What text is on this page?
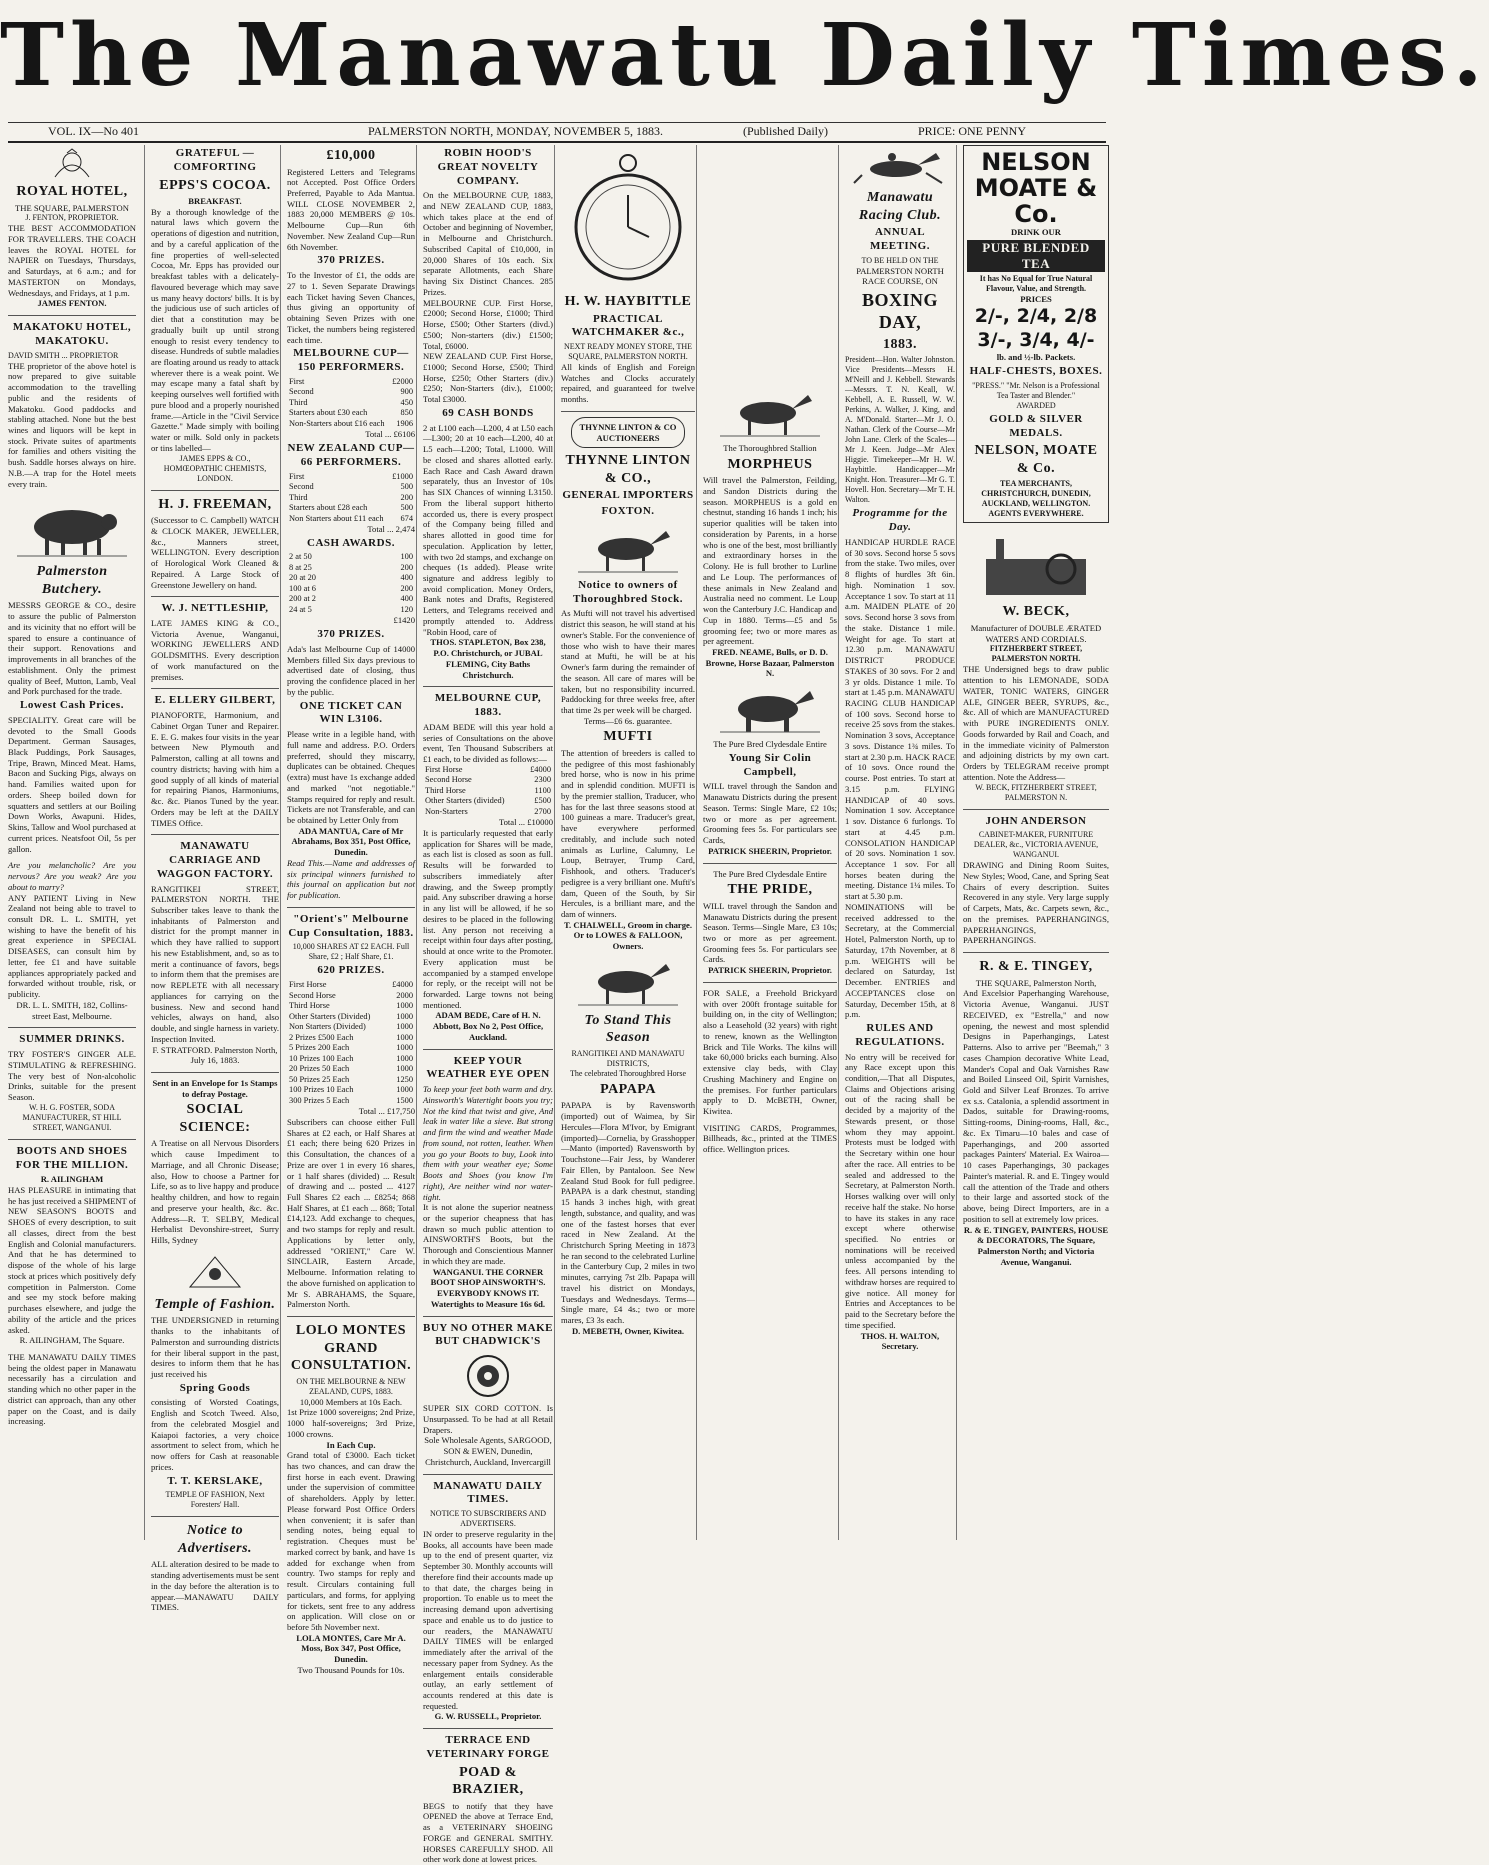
The Manawatu Daily Times.
VOL. IX—No 401	PALMERSTON NORTH, MONDAY, NOVEMBER 5, 1883.	(Published Daily)	PRICE: ONE PENNY
ROYAL HOTEL,
THE SQUARE, PALMERSTON
J. FENTON, PROPRIETOR.
THE BEST ACCOMMODATION FOR TRAVELLERS. THE COACH leaves the ROYAL HOTEL for NAPIER on Tuesdays, Thursdays, and Saturdays, at 6 a.m.; and for MASTERTON on Mondays, Wednesdays, and Fridays, at 1 p.m.
JAMES FENTON.
MAKATOKU HOTEL, MAKATOKU.
DAVID SMITH ... PROPRIETOR
THE proprietor of the above hotel is now prepared to give suitable accommodation to the travelling public and the residents of Makatoku. Good paddocks and stabling attached. None but the best wines and liquors will be kept in stock. Private suites of apartments for families and others visiting the bush. Saddle horses always on hire. N.B.—A trap for the Hotel meets every train.
Palmerston Butchery.
MESSRS GEORGE & CO., desire to assure the public of Palmerston and its vicinity that no effort will be spared to ensure a continuance of their support. Renovations and improvements in all branches of the establishment. Only the primest quality of Beef, Mutton, Lamb, Veal and Pork purchased for the trade.
Lowest Cash Prices.
SPECIALITY. Great care will be devoted to the Small Goods Department. German Sausages, Black Puddings, Pork Sausages, Tripe, Brawn, Minced Meat. Hams, Bacon and Sucking Pigs, always on hand. Families waited upon for orders. Sheep boiled down for squatters and settlers at our Boiling Down Works, Awapuni. Hides, Skins, Tallow and Wool purchased at current prices. Neatsfoot Oil, 5s per gallon.
Are you melancholic? Are you nervous? Are you weak? Are you about to marry?
ANY PATIENT Living in New Zealand not being able to travel to consult DR. L. L. SMITH, yet wishing to have the benefit of his great experience in SPECIAL DISEASES, can consult him by letter, fee £1 and have suitable appliances appropriately packed and forwarded without trouble, risk, or publicity.
DR. L. L. SMITH, 182, Collins-street East, Melbourne.
SUMMER DRINKS.
TRY FOSTER'S GINGER ALE. STIMULATING & REFRESHING. The very best of Non-alcoholic Drinks, suitable for the present Season.
W. H. G. FOSTER, SODA MANUFACTURER, ST HILL STREET, WANGANUI.
BOOTS AND SHOES FOR THE MILLION.
R. AILINGHAM
HAS PLEASURE in intimating that he has just received a SHIPMENT of NEW SEASON'S BOOTS and SHOES of every description, to suit all classes, direct from the best English and Colonial manufacturers. And that he has determined to dispose of the whole of his large stock at prices which positively defy competition in Palmerston. Come and see my stock before making purchases elsewhere, and judge the ability of the article and the prices asked.
R. AILINGHAM, The Square.
THE MANAWATU DAILY TIMES being the oldest paper in Manawatu necessarily has a circulation and standing which no other paper in the district can approach, than any other paper on the Coast, and is daily increasing.
GRATEFUL — COMFORTING
EPPS'S COCOA.
BREAKFAST.
By a thorough knowledge of the natural laws which govern the operations of digestion and nutrition, and by a careful application of the fine properties of well-selected Cocoa, Mr. Epps has provided our breakfast tables with a delicately-flavoured beverage which may save us many heavy doctors' bills. It is by the judicious use of such articles of diet that a constitution may be gradually built up until strong enough to resist every tendency to disease. Hundreds of subtle maladies are floating around us ready to attack wherever there is a weak point. We may escape many a fatal shaft by keeping ourselves well fortified with pure blood and a properly nourished frame.—Article in the "Civil Service Gazette." Made simply with boiling water or milk. Sold only in packets or tins labelled—
JAMES EPPS & CO., HOMŒOPATHIC CHEMISTS, LONDON.
H. J. FREEMAN,
(Successor to C. Campbell) WATCH & CLOCK MAKER, JEWELLER, &c., Manners street, WELLINGTON. Every description of Horological Work Cleaned & Repaired. A Large Stock of Greenstone Jewellery on hand.
W. J. NETTLESHIP,
LATE JAMES KING & CO., Victoria Avenue, Wanganui, WORKING JEWELLERS AND GOLDSMITHS. Every description of work manufactured on the premises.
E. ELLERY GILBERT,
PIANOFORTE, Harmonium, and Cabinet Organ Tuner and Repairer. E. E. G. makes four visits in the year between New Plymouth and Palmerston, calling at all towns and country districts; having with him a good supply of all kinds of material for repairing Pianos, Harmoniums, &c. &c. Pianos Tuned by the year. Orders may be left at the DAILY TIMES Office.
MANAWATU CARRIAGE AND WAGGON FACTORY.
RANGITIKEI STREET, PALMERSTON NORTH. THE Subscriber takes leave to thank the inhabitants of Palmerston and district for the prompt manner in which they have rallied to support his new Establishment, and, so as to merit a continuance of favors, begs to inform them that the premises are now REPLETE with all necessary appliances for carrying on the business. New and second hand vehicles, always on hand, also double, and single harness in variety. Inspection Invited.
F. STRATFORD. Palmerston North, July 16, 1883.
Sent in an Envelope for 1s Stamps to defray Postage.
SOCIAL SCIENCE:
A Treatise on all Nervous Disorders which cause Impediment to Marriage, and all Chronic Disease; also, How to choose a Partner for Life, so as to live happy and produce healthy children, and how to regain and preserve your health, &c. &c. Address—R. T. SELBY, Medical Herbalist Devonshire-street, Surry Hills, Sydney
Temple of Fashion.
THE UNDERSIGNED in returning thanks to the inhabitants of Palmerston and surrounding districts for their liberal support in the past, desires to inform them that he has just received his
Spring Goods
consisting of Worsted Coatings, English and Scotch Tweed. Also, from the celebrated Mosgiel and Kaiapoi factories, a very choice assortment to select from, which he now offers for Cash at reasonable prices.
T. T. KERSLAKE,
TEMPLE OF FASHION, Next Foresters' Hall.
Notice to Advertisers.
ALL alteration desired to be made to standing advertisements must be sent in the day before the alteration is to appear.—MANAWATU DAILY TIMES.
£10,000
Registered Letters and Telegrams not Accepted. Post Office Orders Preferred, Payable to Ada Mantua. WILL CLOSE NOVEMBER 2, 1883 20,000 MEMBERS @ 10s. Melbourne Cup—Run 6th November. New Zealand Cup—Run 6th November.
370 PRIZES.
To the Investor of £1, the odds are 27 to 1. Seven Separate Drawings each Ticket having Seven Chances, thus giving an opportunity of obtaining Seven Prizes with one Ticket, the numbers being registered each time.
MELBOURNE CUP—150 PERFORMERS.
First	£2000
Second	900
Third	450
Starters about £30 each	850
Non-Starters about £16 each	1906
Total ... £6106
NEW ZEALAND CUP—66 PERFORMERS.
First	£1000
Second	500
Third	200
Starters about £28 each	500
Non Starters about £11 each	674
Total ... 2,474
CASH AWARDS.
2 at 50	100
8 at 25	200
20 at 20	400
100 at 6	200
200 at 2	400
24 at 5	120
£1420
370 PRIZES.
Ada's last Melbourne Cup of 14000 Members filled Six days previous to advertised date of closing, thus proving the confidence placed in her by the public.
ONE TICKET CAN WIN L3106.
Please write in a legible hand, with full name and address. P.O. Orders preferred, should they miscarry, duplicates can be obtained. Cheques (extra) must have 1s exchange added and marked "not negotiable." Stamps required for reply and result. Tickets are not Transferable, and can be obtained by Letter Only from
ADA MANTUA, Care of Mr Abrahams, Box 351, Post Office, Dunedin.
Read This.—Name and addresses of six principal winners furnished to this journal on application but not for publication.
"Orient's" Melbourne Cup Consultation, 1883.
10,000 SHARES AT £2 EACH. Full Share, £2 ; Half Share, £1.
620 PRIZES.
First Horse	£4000
Second Horse	2000
Third Horse	1000
Other Starters (Divided)	1000
Non Starters (Divided)	1000
2 Prizes £500 Each	1000
5 Prizes 200 Each	1000
10 Prizes 100 Each	1000
20 Prizes 50 Each	1000
50 Prizes 25 Each	1250
100 Prizes 10 Each	1000
300 Prizes 5 Each	1500
Total ... £17,750
Subscribers can choose either Full Shares at £2 each, or Half Shares at £1 each; there being 620 Prizes in this Consultation, the chances of a Prize are over 1 in every 16 shares, or 1 half shares (divided) ... Result of drawing and ... posted ... 4127 Full Shares £2 each ... £8254; 868 Half Shares, at £1 each ... 868; Total £14,123. Add exchange to cheques, and two stamps for reply and result. Applications by letter only, addressed "ORIENT," Care W. SINCLAIR, Eastern Arcade, Melbourne. Information relating to the above furnished on application to Mr S. ABRAHAMS, the Square, Palmerston North.
LOLO MONTES GRAND CONSULTATION.
ON THE MELBOURNE & NEW ZEALAND, CUPS, 1883.
10,000 Members at 10s Each.
1st Prize 1000 sovereigns; 2nd Prize, 1000 half-sovereigns; 3rd Prize, 1000 crowns.
In Each Cup.
Grand total of £3000. Each ticket has two chances, and can draw the first horse in each event. Drawing under the supervision of committee of shareholders. Apply by letter. Please forward Post Office Orders when convenient; it is safer than sending notes, being equal to registration. Cheques must be marked correct by bank, and have 1s added for exchange when from country. Two stamps for reply and result. Circulars containing full particulars, and forms, for applying for tickets, sent free to any address on application. Will close on or before 5th November next.
LOLA MONTES, Care Mr A. Moss, Box 347, Post Office, Dunedin.
Two Thousand Pounds for 10s.
ROBIN HOOD'S GREAT NOVELTY COMPANY.
On the MELBOURNE CUP, 1883, and NEW ZEALAND CUP, 1883, which takes place at the end of October and beginning of November, in Melbourne and Christchurch. Subscribed Capital of £10,000, in 20,000 Shares of 10s each. Six separate Allotments, each Share having Six Distinct Chances. 285 Prizes.
MELBOURNE CUP. First Horse, £2000; Second Horse, £1000; Third Horse, £500; Other Starters (divd.) £500; Non-starters (div.) £1500; Total, £6000.
NEW ZEALAND CUP. First Horse, £1000; Second Horse, £500; Third Horse, £250; Other Starters (div.) £250; Non-Starters (div.), £1000; Total £3000.
69 CASH BONDS
2 at L100 each—L200, 4 at L50 each—L300; 20 at 10 each—L200, 40 at L5 each—L200; Total, L1000. Will be closed and shares allotted early. Each Race and Cash Award drawn separately, thus an Investor of 10s has SIX Chances of winning L3150. From the liberal support hitherto accorded us, there is every prospect of the Company being filled and shares allotted in good time for speculation. Application by letter, with two 2d stamps, and exchange on cheques (1s added). Please write signature and address legibly to avoid complication. Money Orders, Bank notes and Drafts, Registered Letters, and Telegrams received and promptly attended to. Address "Robin Hood, care of
THOS. STAPLETON, Box 238, P.O. Christchurch, or JUBAL FLEMING, City Baths Christchurch.
MELBOURNE CUP, 1883.
ADAM BEDE will this year hold a series of Consultations on the above event, Ten Thousand Subscribers at £1 each, to be divided as follows:—
First Horse	£4000
Second Horse	2300
Third Horse	1100
Other Starters (divided)	£500
Non-Starters	2700
Total ... £10000
It is particularly requested that early application for Shares will be made, as each list is closed as soon as full. Results will be forwarded to subscribers immediately after drawing, and the Sweep promptly paid. Any subscriber drawing a horse in any list will be allowed, if he so desires to be placed in the following list. Any person not receiving a receipt within four days after posting, should at once write to the Promoter. Every application must be accompanied by a stamped envelope for reply, or the receipt will not be forwarded. Large towns not being mentioned.
ADAM BEDE, Care of H. N. Abbott, Box No 2, Post Office, Auckland.
KEEP YOUR WEATHER EYE OPEN
To keep your feet both warm and dry. Ainsworth's Watertight boots you try; Not the kind that twist and give, And leak in water like a sieve. But strong and firm the wind and weather Made from sound, not rotten, leather. When you go your Boots to buy, Look into them with your weather eye; Some Boots and Shoes (you know I'm right), Are neither wind nor water-tight.
It is not alone the superior neatness or the superior cheapness that has drawn so much public attention to AINSWORTH'S Boots, but the Thorough and Conscientious Manner in which they are made.
WANGANUI. THE CORNER BOOT SHOP AINSWORTH'S. EVERYBODY KNOWS IT. Watertights to Measure 16s 6d.
BUY NO OTHER MAKE BUT CHADWICK'S
SUPER SIX CORD COTTON. Is Unsurpassed. To be had at all Retail Drapers.
Sole Wholesale Agents, SARGOOD, SON & EWEN, Dunedin, Christchurch, Auckland, Invercargill
MANAWATU DAILY TIMES.
NOTICE TO SUBSCRIBERS AND ADVERTISERS.
IN order to preserve regularity in the Books, all accounts have been made up to the end of present quarter, viz September 30. Monthly accounts will therefore find their accounts made up to that date, the charges being in proportion. To enable us to meet the increasing demand upon advertising space and enable us to do justice to our readers, the MANAWATU DAILY TIMES will be enlarged immediately after the arrival of the necessary paper from Sydney. As the enlargement entails considerable outlay, an early settlement of accounts rendered at this date is requested.
G. W. RUSSELL, Proprietor.
TERRACE END VETERINARY FORGE
POAD & BRAZIER,
BEGS to notify that they have OPENED the above at Terrace End, as a VETERINARY SHOEING FORGE and GENERAL SMITHY. HORSES CAREFULLY SHOD. All other work done at lowest prices.
H. W. HAYBITTLE
PRACTICAL WATCHMAKER &c.,
NEXT READY MONEY STORE, THE SQUARE, PALMERSTON NORTH.
All kinds of English and Foreign Watches and Clocks accurately repaired, and guaranteed for twelve months.
THYNNE LINTON & CO AUCTIONEERS
THYNNE LINTON & CO.,
GENERAL IMPORTERS
FOXTON.
Notice to owners of Thoroughbred Stock.
As Mufti will not travel his advertised district this season, he will stand at his owner's Stable. For the convenience of those who wish to have their mares stand at Mufti, he will be at his Owner's farm during the remainder of the season. All care of mares will be taken, but no responsibility incurred. Paddocking for three weeks free, after that time 2s per week will be charged.
Terms—£6 6s. guarantee.
MUFTI
The attention of breeders is called to the pedigree of this most fashionably bred horse, who is now in his prime and in splendid condition. MUFTI is by the premier stallion, Traducer, who has for the last three seasons stood at 100 guineas a mare. Traducer's great, have everywhere performed creditably, and include such noted animals as Lurline, Calumny, Le Loup, Betrayer, Trump Card, Fishhook, and others. Traducer's pedigree is a very brilliant one. Mufti's dam, Queen of the South, by Sir Hercules, is a brilliant mare, and the dam of winners.
T. CHALWELL, Groom in charge. Or to LOWES & FALLOON, Owners.
To Stand This Season
RANGITIKEI AND MANAWATU DISTRICTS,
The celebrated Thoroughbred Horse
PAPAPA
PAPAPA is by Ravensworth (imported) out of Waimea, by Sir Hercules—Flora M'Ivor, by Emigrant (imported)—Cornelia, by Grasshopper—Manto (imported) Ravensworth by Touchstone—Fair Jess, by Wanderer Fair Ellen, by Pantaloon. See New Zealand Stud Book for full pedigree. PAPAPA is a dark chestnut, standing 15 hands 3 inches high, with great length, substance, and quality, and was one of the fastest horses that ever raced in New Zealand. At the Christchurch Spring Meeting in 1873 he ran second to the celebrated Lurline in the Canterbury Cup, 2 miles in two minutes, carrying 7st 2lb. Papapa will travel his district on Mondays, Tuesdays and Wednesdays. Terms—Single mare, £4 4s.; two or more mares, £3 3s each.
D. MEBETH, Owner, Kiwitea.
The Thoroughbred Stallion
MORPHEUS
Will travel the Palmerston, Feilding, and Sandon Districts during the season. MORPHEUS is a gold en chestnut, standing 16 hands 1 inch; his superior qualities will be taken into consideration by Parents, in a horse who is one of the best, most brilliantly and extraordinary horses in the Colony. He is full brother to Lurline and Le Loup. The performances of these animals in New Zealand and Australia need no comment. Le Loup won the Canterbury J.C. Handicap and Cup in 1880. Terms—£5 and 5s grooming fee; two or more mares as per agreement.
FRED. NEAME, Bulls, or D. D. Browne, Horse Bazaar, Palmerston N.
The Pure Bred Clydesdale Entire
Young Sir Colin Campbell,
WILL travel through the Sandon and Manawatu Districts during the present Season. Terms: Single Mare, £2 10s; two or more as per agreement. Grooming fees 5s. For particulars see Cards,
PATRICK SHEERIN, Proprietor.
The Pure Bred Clydesdale Entire
THE PRIDE,
WILL travel through the Sandon and Manawatu Districts during the present Season. Terms—Single Mare, £3 10s; two or more as per agreement. Grooming fees 5s. For particulars see Cards.
PATRICK SHEERIN, Proprietor.
FOR SALE, a Freehold Brickyard with over 200ft frontage suitable for building on, in the city of Wellington; also a Leasehold (32 years) with right to renew, known as the Wellington Brick and Tile Works. The kilns will take 60,000 bricks each burning. Also extensive clay beds, with Clay Crushing Machinery and Engine on the premises. For further particulars apply to D. McBETH, Owner, Kiwitea.
VISITING CARDS, Programmes, Billheads, &c., printed at the TIMES office. Wellington prices.
Manawatu Racing Club.
ANNUAL MEETING.
TO BE HELD ON THE
PALMERSTON NORTH RACE COURSE, ON
BOXING DAY,
1883.
President—Hon. Walter Johnston. Vice Presidents—Messrs H. M'Neill and J. Kebbell. Stewards—Messrs. T. N. Keall, W. Kebbell, A. E. Russell, W. W. Perkins, A. Walker, J. King, and A. M'Donald. Starter—Mr J. O. Nathan. Clerk of the Course—Mr John Lane. Clerk of the Scales—Mr J. Keen. Judge—Mr Alex Higgie. Timekeeper—Mr H. W. Haybittle. Handicapper—Mr Knight. Hon. Treasurer—Mr G. T. Hovell. Hon. Secretary—Mr T. H. Walton.
Programme for the Day.
HANDICAP HURDLE RACE of 30 sovs. Second horse 5 sovs from the stake. Two miles, over 8 flights of hurdles 3ft 6in. high. Nomination 1 sov. Acceptance 1 sov. To start at 11 a.m. MAIDEN PLATE of 20 sovs. Second horse 3 sovs from the stake. Distance 1 mile. Weight for age. To start at 12.30 p.m. MANAWATU DISTRICT PRODUCE STAKES of 30 sovs. For 2 and 3 yr olds. Distance 1 mile. To start at 1.45 p.m. MANAWATU RACING CLUB HANDICAP of 100 sovs. Second horse to receive 25 sovs from the stakes. Nomination 3 sovs, Acceptance 3 sovs. Distance 1¾ miles. To start at 2.30 p.m. HACK RACE of 10 sovs. Once round the course. Post entries. To start at 3.15 p.m. FLYING HANDICAP of 40 sovs. Nomination 1 sov. Acceptance 1 sov. Distance 6 furlongs. To start at 4.45 p.m. CONSOLATION HANDICAP of 20 sovs. Nomination 1 sov. Acceptance 1 sov. For all horses beaten during the meeting. Distance 1¼ miles. To start at 5.30 p.m.
NOMINATIONS will be received addressed to the Secretary, at the Commercial Hotel, Palmerston North, up to Saturday, 17th November, at 8 p.m. WEIGHTS will be declared on Saturday, 1st December. ENTRIES and ACCEPTANCES close on Saturday, December 15th, at 8 p.m.
RULES AND REGULATIONS.
No entry will be received for any Race except upon this condition,—That all Disputes, Claims and Objections arising out of the racing shall be decided by a majority of the Stewards present, or those whom they may appoint. Protests must be lodged with the Secretary within one hour after the race. All entries to be sealed and addressed to the Secretary, at Palmerston North. Horses walking over will only receive half the stake. No horse to have its stakes in any race except where otherwise specified. No entries or nominations will be received unless accompanied by the fees. All persons intending to withdraw horses are required to give notice. All money for Entries and Acceptances to be paid to the Secretary before the time specified.
THOS. H. WALTON, Secretary.
NELSON MOATE & Co.
DRINK OUR
PURE BLENDED TEA
It has No Equal for True Natural Flavour, Value, and Strength.
PRICES
2/-, 2/4, 2/8
3/-, 3/4, 4/-
lb. and ½-lb. Packets.
HALF-CHESTS, BOXES.
"PRESS." "Mr. Nelson is a Professional Tea Taster and Blender."
AWARDED
GOLD & SILVER MEDALS.
NELSON, MOATE & Co.
TEA MERCHANTS, CHRISTCHURCH, DUNEDIN, AUCKLAND, WELLINGTON. AGENTS EVERYWHERE.
W. BECK,
Manufacturer of DOUBLE ÆRATED WATERS AND CORDIALS.
FITZHERBERT STREET, PALMERSTON NORTH.
THE Undersigned begs to draw public attention to his LEMONADE, SODA WATER, TONIC WATERS, GINGER ALE, GINGER BEER, SYRUPS, &c., &c. All of which are MANUFACTURED with PURE INGREDIENTS ONLY. Goods forwarded by Rail and Coach, and in the immediate vicinity of Palmerston and adjoining districts by my own cart. Orders by TELEGRAM receive prompt attention. Note the Address—
W. BECK, FITZHERBERT STREET, PALMERSTON N.
JOHN ANDERSON
CABINET-MAKER, FURNITURE DEALER, &c., VICTORIA AVENUE, WANGANUI.
DRAWING and Dining Room Suites, New Styles; Wood, Cane, and Spring Seat Chairs of every description. Suites Recovered in any style. Very large supply of Carpets, Mats, &c. Carpets sewn, &c., on the premises. PAPERHANGINGS, PAPERHANGINGS, PAPERHANGINGS.
R. & E. TINGEY,
THE SQUARE, Palmerston North,
And Excelsior Paperhanging Warehouse, Victoria Avenue, Wanganui. JUST RECEIVED, ex "Estrella," and now opening, the newest and most splendid Designs in Paperhangings, Latest Patterns. Also to arrive per "Beemah," 3 cases Champion decorative White Lead, Mander's Copal and Oak Varnishes Raw and Boiled Linseed Oil, Spirit Varnishes, Gold and Silver Leaf Bronzes. To arrive ex s.s. Catalonia, a splendid assortment in Dados, suitable for Drawing-rooms, Sitting-rooms, Dining-rooms, Hall, &c., &c. Ex Timaru—10 bales and case of Paperhangings, and 200 assorted packages Painters' Material. Ex Wairoa—10 cases Paperhangings, 30 packages Painter's material. R. and E. Tingey would call the attention of the Trade and others to their large and assorted stock of the above, being Direct Importers, are in a position to sell at extremely low prices.
R. & E. TINGEY, PAINTERS, HOUSE & DECORATORS, The Square, Palmerston North; and Victoria Avenue, Wanganui.
